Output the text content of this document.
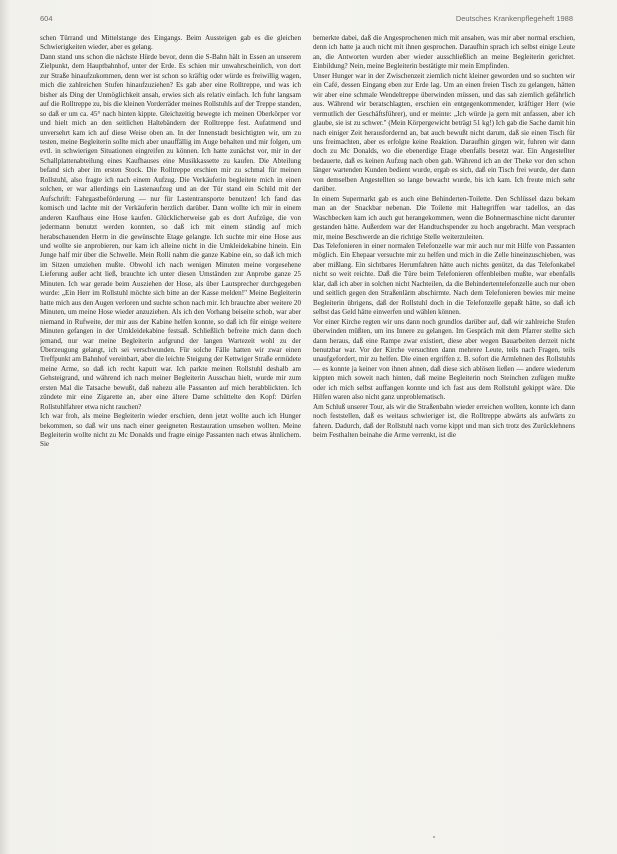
604	Deutsches Krankenpflegeheft 1988

schen Türrand und Mittelstange des Eingangs. Beim Aussteigen gab es die gleichen Schwierigkeiten wieder, aber es gelang.

Dann stand uns schon die nächste Hürde bevor, denn die S-Bahn hält in Essen an unserem Zielpunkt, dem Hauptbahnhof, unter der Erde. Es schien mir unwahrscheinlich, von dort zur Straße hinaufzukommen, denn wer ist schon so kräftig oder würde es freiwillig wagen, mich die zahlreichen Stufen hinaufzuziehen? Es gab aber eine Rolltreppe, und was ich bisher als Ding der Unmöglichkeit ansah, erwies sich als relativ einfach. Ich fuhr langsam auf die Rolltreppe zu, bis die kleinen Vorderräder meines Rollstuhls auf der Treppe standen, so daß er um ca. 45° nach hinten kippte. Gleichzeitig bewegte ich meinen Oberkörper vor und hielt mich an den seitlichen Haltebändern der Rolltreppe fest. Aufatmend und unversehrt kam ich auf diese Weise oben an. In der Innenstadt besichtigten wir, um zu testen, meine Begleiterin sollte mich aber unauffällig im Auge behalten und mir folgen, um evtl. in schwierigen Situationen eingreifen zu können. Ich hatte zunächst vor, mir in der Schallplattenabteilung eines Kaufhauses eine Musikkassette zu kaufen. Die Abteilung befand sich aber im ersten Stock. Die Rolltreppe erschien mir zu schmal für meinen Rollstuhl, also fragte ich nach einem Aufzug. Die Verkäuferin begleitete mich in einen solchen, er war allerdings ein Lastenaufzug und an der Tür stand ein Schild mit der Aufschrift: Fahrgastbeförderung — nur für Lastentransporte benutzen! Ich fand das komisch und lachte mit der Verkäuferin herzlich darüber. Dann wollte ich mir in einem anderen Kaufhaus eine Hose kaufen. Glücklicherweise gab es dort Aufzüge, die von jedermann benutzt werden konnten, so daß ich mit einem ständig auf mich herabschauenden Herrn in die gewünschte Etage gelangte. Ich suchte mir eine Hose aus und wollte sie anprobieren, nur kam ich alleine nicht in die Umkleidekabine hinein. Ein Junge half mir über die Schwelle. Mein Rolli nahm die ganze Kabine ein, so daß ich mich im Sitzen umziehen mußte. Obwohl ich nach wenigen Minuten meine vorgesehene Lieferung außer acht ließ, brauchte ich unter diesen Umständen zur Anprobe ganze 25 Minuten. Ich war gerade beim Ausziehen der Hose, als über Lautsprecher durchgegeben wurde: „Ein Herr im Rollstuhl möchte sich bitte an der Kasse melden!" Meine Begleiterin hatte mich aus den Augen verloren und suchte schon nach mir. Ich brauchte aber weitere 20 Minuten, um meine Hose wieder anzuziehen. Als ich den Vorhang beiseite schob, war aber niemand in Rufweite, der mir aus der Kabine helfen konnte, so daß ich für einige weitere Minuten gefangen in der Umkleidekabine festsaß. Schließlich befreite mich dann doch jemand, nur war meine Begleiterin aufgrund der langen Wartezeit wohl zu der Überzeugung gelangt, ich sei verschwunden. Für solche Fälle hatten wir zwar einen Treffpunkt am Bahnhof vereinbart, aber die leichte Steigung der Kettwiger Straße ermüdete meine Arme, so daß ich recht kaputt war. Ich parkte meinen Rollstuhl deshalb am Gehsteigrand, und während ich nach meiner Begleiterin Ausschau hielt, wurde mir zum ersten Mal die Tatsache bewußt, daß nahezu alle Passanten auf mich herabblickten. Ich zündete mir eine Zigarette an, aber eine ältere Dame schüttelte den Kopf: Dürfen Rollstuhlfahrer etwa nicht rauchen?

Ich war froh, als meine Begleiterin wieder erschien, denn jetzt wollte auch ich Hunger bekommen, so daß wir uns nach einer geeigneten Restauration umsehen wollten. Meine Begleiterin wollte nicht zu Mc Donalds und fragte einige Passanten nach etwas ähnlichem. Sie

bemerkte dabei, daß die Angesprochenen mich mit ansahen, was mir aber normal erschien, denn ich hatte ja auch nicht mit ihnen gesprochen. Daraufhin sprach ich selbst einige Leute an, die Antworten wurden aber wieder ausschließlich an meine Begleiterin gerichtet. Einbildung? Nein, meine Begleiterin bestätigte mir mein Empfinden.

Unser Hunger war in der Zwischenzeit ziemlich nicht kleiner geworden und so suchten wir ein Café, dessen Eingang eben zur Erde lag. Um an einen freien Tisch zu gelangen, hätten wir aber eine schmale Wendeltreppe überwinden müssen, und das sah ziemlich gefährlich aus. Während wir beratschlagten, erschien ein entgegenkommender, kräftiger Herr (wie vermutlich der Geschäftsführer), und er meinte: „Ich würde ja gern mit anfassen, aber ich glaube, sie ist zu schwer." (Mein Körpergewicht beträgt 51 kg!) Ich gab die Sache damit hin nach einiger Zeit herausfordernd an, bat auch bewußt nicht darum, daß sie einen Tisch für uns freimachten, aber es erfolgte keine Reaktion. Daraufhin gingen wir, fuhren wir dann doch zu Mc Donalds, wo die ebenerdige Etage ebenfalls besetzt war. Ein Angestellter bedauerte, daß es keinen Aufzug nach oben gab. Während ich an der Theke vor den schon länger wartenden Kunden bedient wurde, ergab es sich, daß ein Tisch frei wurde, der dann von demselben Angestellten so lange bewacht wurde, bis ich kam. Ich freute mich sehr darüber.

In einem Supermarkt gab es auch eine Behinderten-Toilette. Den Schlüssel dazu bekam man an der Snackbar nebenan. Die Toilette mit Haltegriffen war tadellos, an das Waschbecken kam ich auch gut herangekommen, wenn die Bohnermaschine nicht darunter gestanden hätte. Außerdem war der Handtuchspender zu hoch angebracht. Man versprach mir, meine Beschwerde an die richtige Stelle weiterzuleiten.

Das Telefonieren in einer normalen Telefonzelle war mir auch nur mit Hilfe von Passanten möglich. Ein Ehepaar versuchte mir zu helfen und mich in die Zelle hineinzuschieben, was aber mißlang. Ein sichtbares Herumfahren hätte auch nichts genützt, da das Telefonkabel nicht so weit reichte. Daß die Türe beim Telefonieren offenbleiben mußte, war ebenfalls klar, daß ich aber in solchen nicht Nachteilen, da die Behindertentelefonzelle auch nur oben und seitlich gegen den Straßenlärm abschirmte. Nach dem Telefonieren bewies mir meine Begleiterin übrigens, daß der Rollstuhl doch in die Telefonzelle gepaßt hätte, so daß ich selbst das Geld hätte einwerfen und wählen können.

Vor einer Kirche regten wir uns dann noch grundlos darüber auf, daß wir zahlreiche Stufen überwinden müßten, um ins Innere zu gelangen. Im Gespräch mit dem Pfarrer stellte sich dann heraus, daß eine Rampe zwar existiert, diese aber wegen Bauarbeiten derzeit nicht benutzbar war. Vor der Kirche versuchten dann mehrere Leute, teils nach Fragen, teils unaufgefordert, mir zu helfen. Die einen ergriffen z. B. sofort die Armlehnen des Rollstuhls — es konnte ja keiner von ihnen ahnen, daß diese sich ablösen ließen — andere wiederum kippten mich soweit nach hinten, daß meine Begleiterin noch Steinchen zufügen mußte oder ich mich selbst auffangen konnte und ich fast aus dem Rollstuhl gekippt wäre. Die Hilfen waren also nicht ganz unproblematisch.

Am Schluß unserer Tour, als wir die Straßenbahn wieder erreichen wollten, konnte ich dann noch feststellen, daß es weitaus schwieriger ist, die Rolltreppe abwärts als aufwärts zu fahren. Dadurch, daß der Rollstuhl nach vorne kippt und man sich trotz des Zurücklehnens beim Festhalten beinahe die Arme verrenkt, ist die
